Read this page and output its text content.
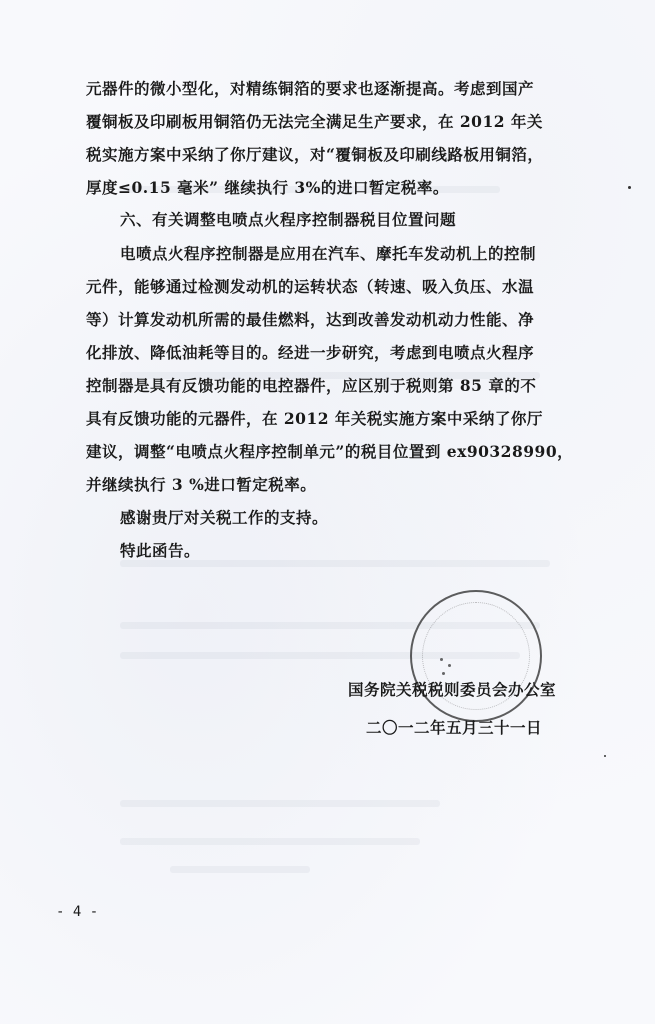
元器件的微小型化，对精练铜箔的要求也逐渐提高。考虑到国产
覆铜板及印刷板用铜箔仍无法完全满足生产要求，在 2012 年关
税实施方案中采纳了你厅建议，对“覆铜板及印刷线路板用铜箔，
厚度≤0.15 毫米” 继续执行 3%的进口暂定税率。
六、有关调整电喷点火程序控制器税目位置问题
电喷点火程序控制器是应用在汽车、摩托车发动机上的控制
元件，能够通过检测发动机的运转状态（转速、吸入负压、水温
等）计算发动机所需的最佳燃料，达到改善发动机动力性能、净
化排放、降低油耗等目的。经进一步研究，考虑到电喷点火程序
控制器是具有反馈功能的电控器件，应区别于税则第 85 章的不
具有反馈功能的元器件，在 2012 年关税实施方案中采纳了你厅
建议，调整“电喷点火程序控制单元”的税目位置到 ex90328990，
并继续执行 3 %进口暂定税率。
感谢贵厅对关税工作的支持。
特此函告。
国务院关税税则委员会办公室
二〇一二年五月三十一日
- 4 -
